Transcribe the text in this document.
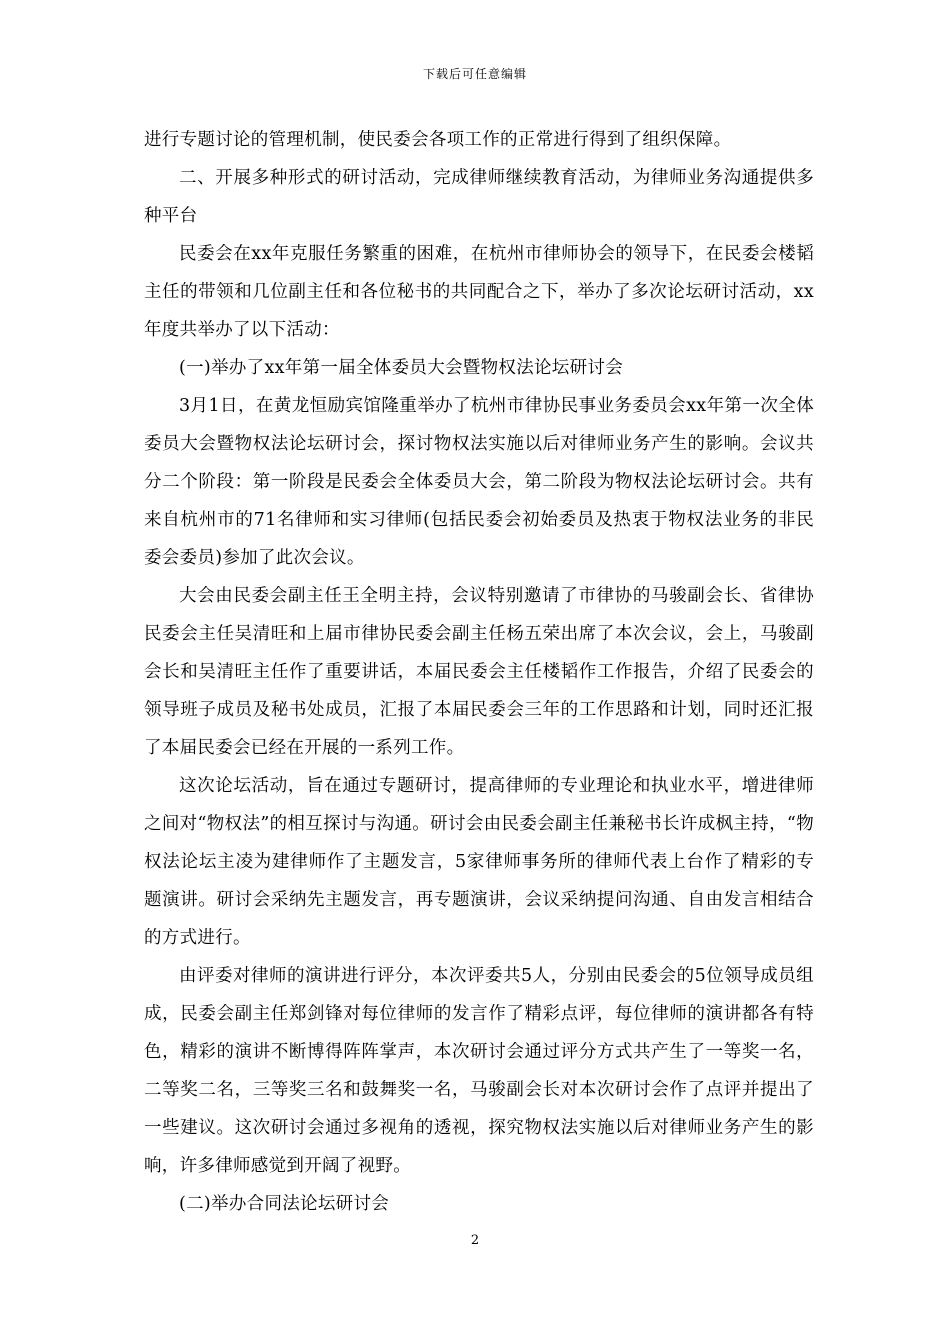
下载后可任意编辑

进行专题讨论的管理机制，使民委会各项工作的正常进行得到了组织保障。

二、开展多种形式的研讨活动，完成律师继续教育活动，为律师业务沟通提供多种平台

民委会在xx年克服任务繁重的困难，在杭州市律师协会的领导下，在民委会楼韬主任的带领和几位副主任和各位秘书的共同配合之下，举办了多次论坛研讨活动，xx年度共举办了以下活动：

(一)举办了xx年第一届全体委员大会暨物权法论坛研讨会

3月1日，在黄龙恒励宾馆隆重举办了杭州市律协民事业务委员会xx年第一次全体委员大会暨物权法论坛研讨会，探讨物权法实施以后对律师业务产生的影响。会议共分二个阶段：第一阶段是民委会全体委员大会，第二阶段为物权法论坛研讨会。共有来自杭州市的71名律师和实习律师(包括民委会初始委员及热衷于物权法业务的非民委会委员)参加了此次会议。

大会由民委会副主任王全明主持，会议特别邀请了市律协的马骏副会长、省律协民委会主任吴清旺和上届市律协民委会副主任杨五荣出席了本次会议，会上，马骏副会长和吴清旺主任作了重要讲话，本届民委会主任楼韬作工作报告，介绍了民委会的领导班子成员及秘书处成员，汇报了本届民委会三年的工作思路和计划，同时还汇报了本届民委会已经在开展的一系列工作。

这次论坛活动，旨在通过专题研讨，提高律师的专业理论和执业水平，增进律师之间对“物权法”的相互探讨与沟通。研讨会由民委会副主任兼秘书长许成枫主持，“物权法论坛主凌为建律师作了主题发言，5家律师事务所的律师代表上台作了精彩的专题演讲。研讨会采纳先主题发言，再专题演讲，会议采纳提问沟通、自由发言相结合的方式进行。

由评委对律师的演讲进行评分，本次评委共5人，分别由民委会的5位领导成员组成，民委会副主任郑剑锋对每位律师的发言作了精彩点评，每位律师的演讲都各有特色，精彩的演讲不断博得阵阵掌声，本次研讨会通过评分方式共产生了一等奖一名，二等奖二名，三等奖三名和鼓舞奖一名，马骏副会长对本次研讨会作了点评并提出了一些建议。这次研讨会通过多视角的透视，探究物权法实施以后对律师业务产生的影响，许多律师感觉到开阔了视野。

(二)举办合同法论坛研讨会

2
